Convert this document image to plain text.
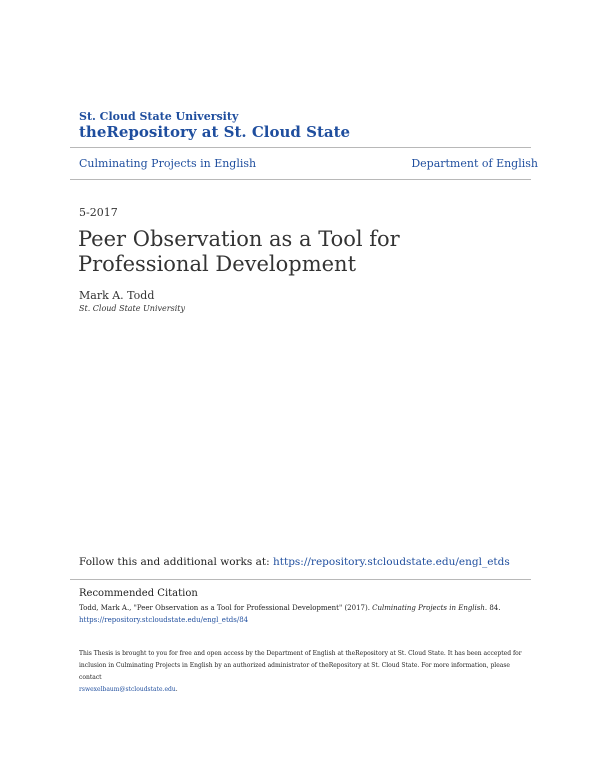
St. Cloud State University
theRepository at St. Cloud State
Culminating Projects in English	Department of English
5-2017
Peer Observation as a Tool for Professional Development
Mark A. Todd
St. Cloud State University
Follow this and additional works at: https://repository.stcloudstate.edu/engl_etds
Recommended Citation
Todd, Mark A., "Peer Observation as a Tool for Professional Development" (2017). Culminating Projects in English. 84.
https://repository.stcloudstate.edu/engl_etds/84
This Thesis is brought to you for free and open access by the Department of English at theRepository at St. Cloud State. It has been accepted for
inclusion in Culminating Projects in English by an authorized administrator of theRepository at St. Cloud State. For more information, please contact
rswexelbaum@stcloudstate.edu.
